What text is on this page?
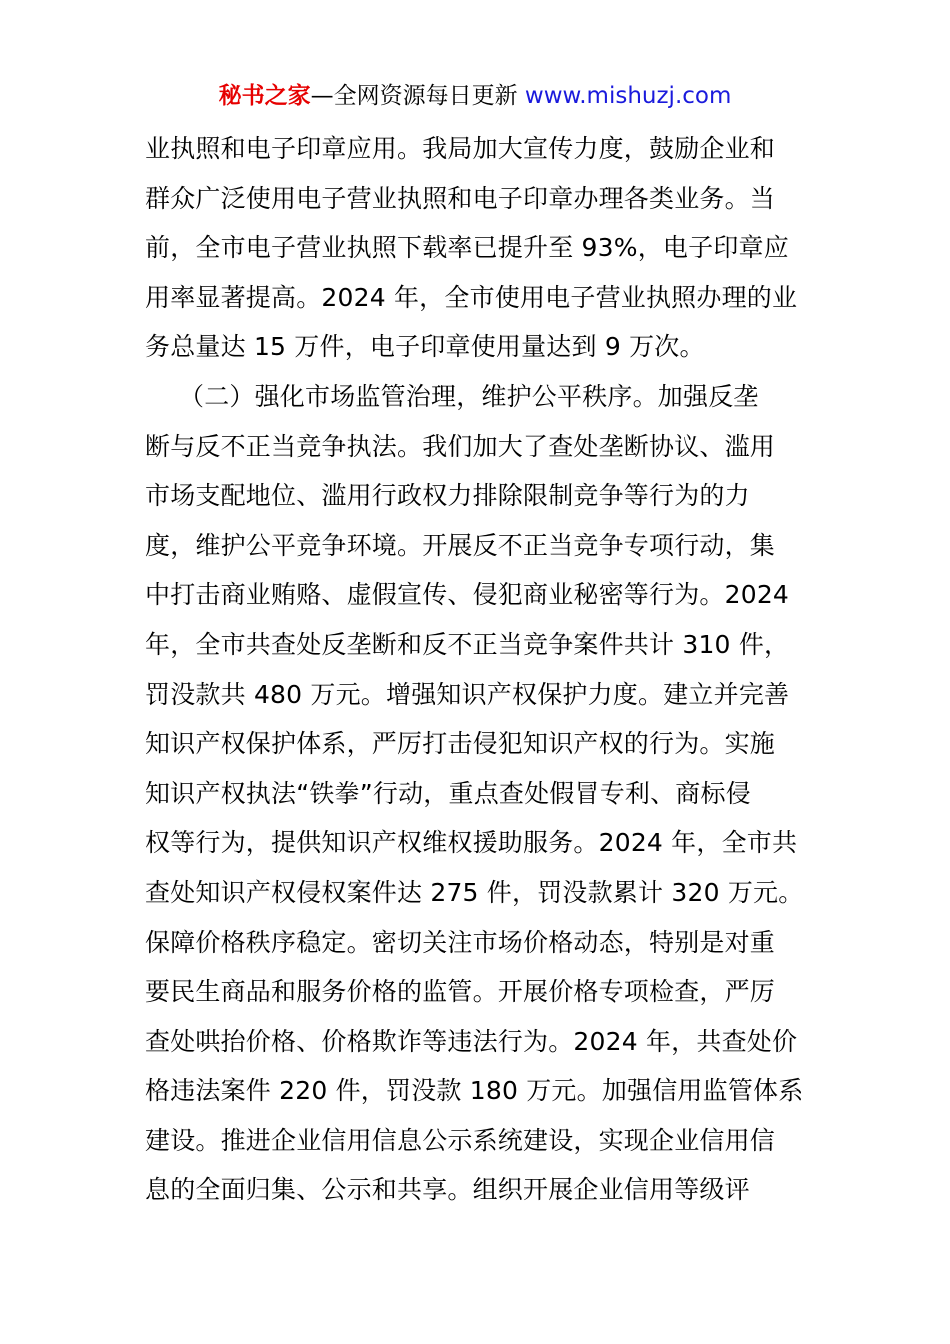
秘书之家—全网资源每日更新 www.mishuzj.com
业执照和电子印章应用。我局加大宣传力度，鼓励企业和
群众广泛使用电子营业执照和电子印章办理各类业务。当
前，全市电子营业执照下载率已提升至 93%，电子印章应
用率显著提高。2024 年，全市使用电子营业执照办理的业
务总量达 15 万件，电子印章使用量达到 9 万次。
（二）强化市场监管治理，维护公平秩序。加强反垄
断与反不正当竞争执法。我们加大了查处垄断协议、滥用
市场支配地位、滥用行政权力排除限制竞争等行为的力
度，维护公平竞争环境。开展反不正当竞争专项行动，集
中打击商业贿赂、虚假宣传、侵犯商业秘密等行为。2024
年，全市共查处反垄断和反不正当竞争案件共计 310 件，
罚没款共 480 万元。增强知识产权保护力度。建立并完善
知识产权保护体系，严厉打击侵犯知识产权的行为。实施
知识产权执法“铁拳”行动，重点查处假冒专利、商标侵
权等行为，提供知识产权维权援助服务。2024 年，全市共
查处知识产权侵权案件达 275 件，罚没款累计 320 万元。
保障价格秩序稳定。密切关注市场价格动态，特别是对重
要民生商品和服务价格的监管。开展价格专项检查，严厉
查处哄抬价格、价格欺诈等违法行为。2024 年，共查处价
格违法案件 220 件，罚没款 180 万元。加强信用监管体系
建设。推进企业信用信息公示系统建设，实现企业信用信
息的全面归集、公示和共享。组织开展企业信用等级评
